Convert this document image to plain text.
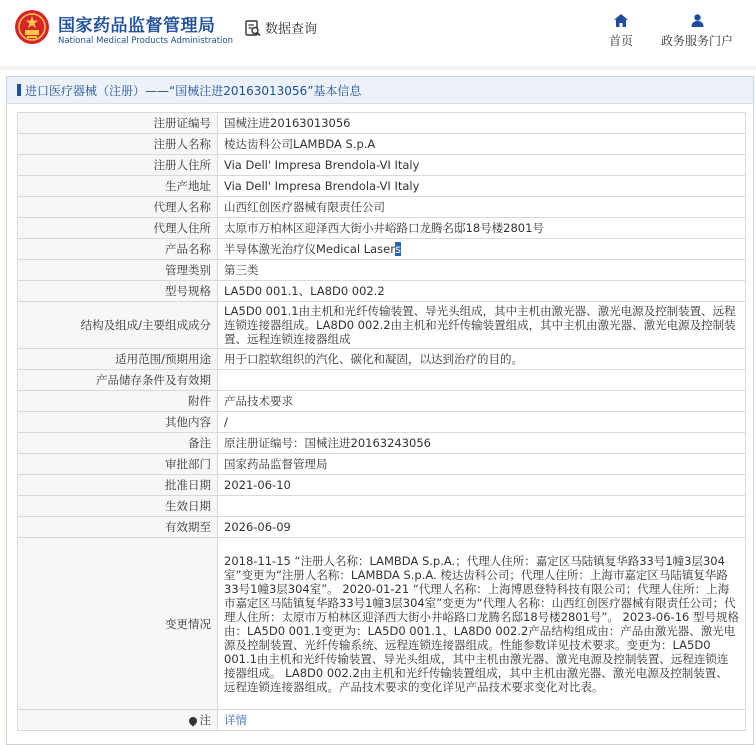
国家药品监督管理局
National Medical Products Administration
数据查询
首页 政务服务门户
进口医疗器械（注册）——“国械注进20163013056”基本信息
注册证编号	国械注进20163013056
注册人名称	棱达齿科公司LAMBDA S.p.A
注册人住所	Via Dell' Impresa Brendola-VI Italy
生产地址	Via Dell' Impresa Brendola-VI Italy
代理人名称	山西红创医疗器械有限责任公司
代理人住所	太原市万柏林区迎泽西大街小井峪路口龙腾名邸18号楼2801号
产品名称	半导体激光治疗仪Medical Lasers
管理类别	第三类
型号规格	LA5D0 001.1、LA8D0 002.2
结构及组成/主要组成成分	LA5D0 001.1由主机和光纤传输装置、导光头组成，其中主机由激光器、激光电源及控制装置、远程连锁连接器组成。LA8D0 002.2由主机和光纤传输装置组成，其中主机由激光器、激光电源及控制装置、远程连锁连接器组成
适用范围/预期用途	用于口腔软组织的汽化、碳化和凝固，以达到治疗的目的。
产品储存条件及有效期	
附件	产品技术要求
其他内容	/
备注	原注册证编号：国械注进20163243056
审批部门	国家药品监督管理局
批准日期	2021-06-10
生效日期	
有效期至	2026-06-09
变更情况	2018-11-15 “注册人名称：LAMBDA S.p.A.；代理人住所：嘉定区马陆镇复华路33号1幢3层304室”变更为“注册人名称：LAMBDA S.p.A. 棱达齿科公司；代理人住所：上海市嘉定区马陆镇复华路33号1幢3层304室”。 2020-01-21 “代理人名称：上海博恩登特科技有限公司；代理人住所：上海市嘉定区马陆镇复华路33号1幢3层304室”变更为“代理人名称：山西红创医疗器械有限责任公司；代理人住所：太原市万柏林区迎泽西大街小井峪路口龙腾名邸18号楼2801号”。 2023-06-16 型号规格由：LA5D0 001.1变更为：LA5D0 001.1、LA8D0 002.2产品结构组成由：产品由激光器、激光电源及控制装置、光纤传输系统、远程连锁连接器组成。性能参数详见技术要求。变更为：LA5D0 001.1由主机和光纤传输装置、导光头组成，其中主机由激光器、激光电源及控制装置、远程连锁连接器组成。 LA8D0 002.2由主机和光纤传输装置组成，其中主机由激光器、激光电源及控制装置、远程连锁连接器组成。产品技术要求的变化详见产品技术要求变化对比表。
注	详情
